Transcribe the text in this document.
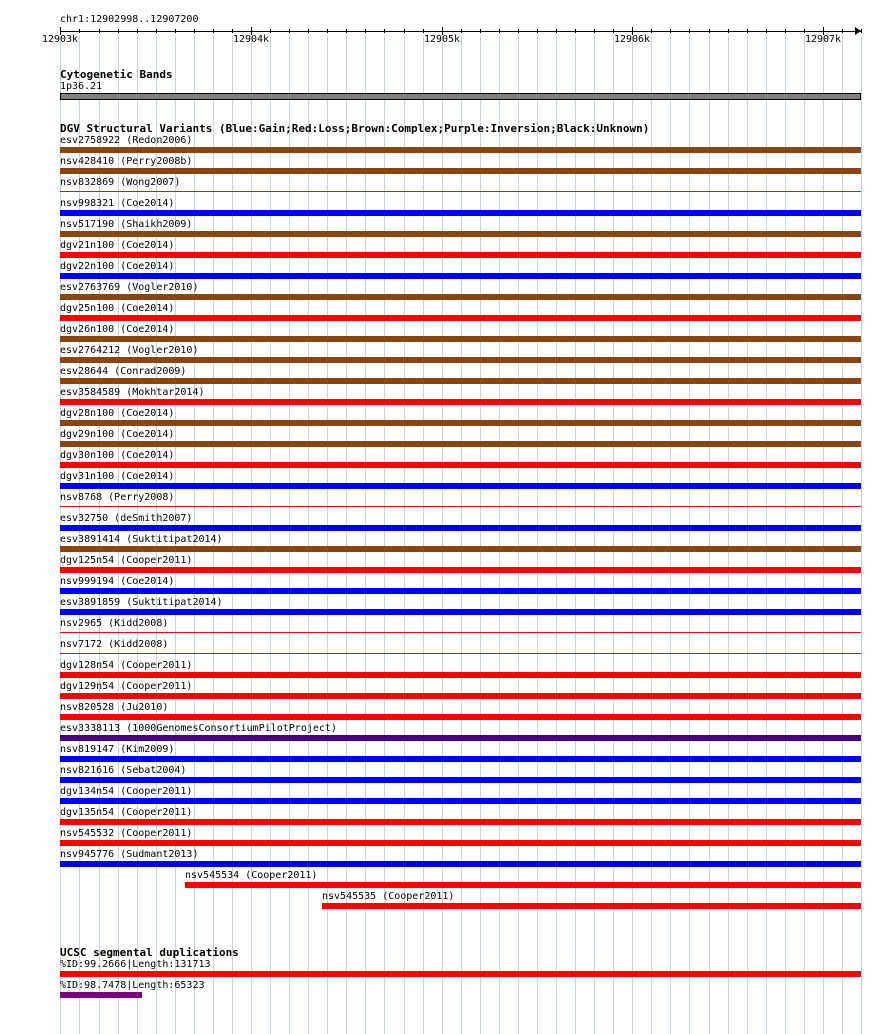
chr1:12902998..12907200
12903k	12904k	12905k	12906k	12907k
Cytogenetic Bands
1p36.21
DGV Structural Variants (Blue:Gain;Red:Loss;Brown:Complex;Purple:Inversion;Black:Unknown)
esv2758922 (Redon2006)
nsv428410 (Perry2008b)
nsv832869 (Wong2007)
nsv998321 (Coe2014)
nsv517190 (Shaikh2009)
dgv21n100 (Coe2014)
dgv22n100 (Coe2014)
esv2763769 (Vogler2010)
dgv25n100 (Coe2014)
dgv26n100 (Coe2014)
esv2764212 (Vogler2010)
esv28644 (Conrad2009)
esv3584589 (Mokhtar2014)
dgv28n100 (Coe2014)
dgv29n100 (Coe2014)
dgv30n100 (Coe2014)
dgv31n100 (Coe2014)
nsv8768 (Perry2008)
esv32750 (deSmith2007)
esv3891414 (Suktitipat2014)
dgv125n54 (Cooper2011)
nsv999194 (Coe2014)
esv3891859 (Suktitipat2014)
nsv2965 (Kidd2008)
nsv7172 (Kidd2008)
dgv128n54 (Cooper2011)
dgv129n54 (Cooper2011)
nsv820528 (Ju2010)
esv3338113 (1000GenomesConsortiumPilotProject)
nsv819147 (Kim2009)
nsv821616 (Sebat2004)
dgv134n54 (Cooper2011)
dgv135n54 (Cooper2011)
nsv545532 (Cooper2011)
nsv945776 (Sudmant2013)
nsv545534 (Cooper2011)
nsv545535 (Cooper2011)
UCSC segmental duplications
%ID:99.2666|Length:131713
%ID:98.7478|Length:65323
